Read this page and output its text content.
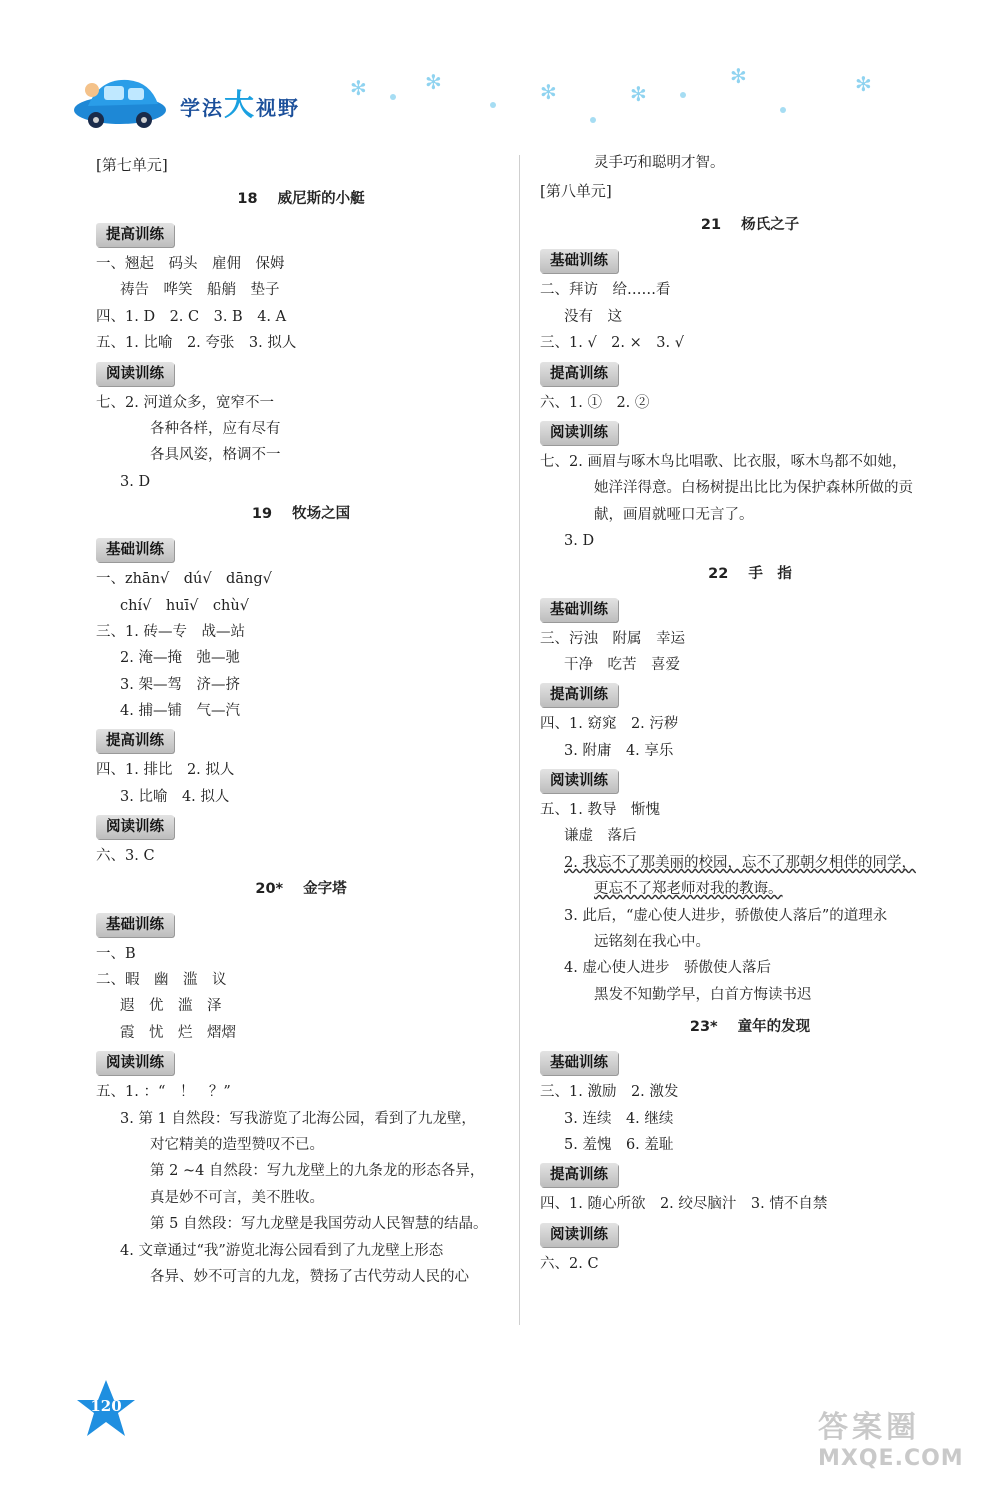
学法大视野
✻	✻	✻	✻
✻	✻
[第七单元]
18 威尼斯的小艇
提高训练
一、翘起　码头　雇佣　保姆
祷告　哗笑　船艄　垫子
四、1. D　2. C　3. B　4. A
五、1. 比喻　2. 夸张　3. 拟人
阅读训练
七、2. 河道众多，宽窄不一
各种各样，应有尽有
各具风姿，格调不一
3. D
19 牧场之国
基础训练
一、zhān√　dú√　dāng√
chí√　huī√　chù√
三、1. 砖—专　战—站
2. 淹—掩　弛—驰
3. 架—驾　济—挤
4. 捕—铺　气—汽
提高训练
四、1. 排比　2. 拟人
3. 比喻　4. 拟人
阅读训练
六、3. C
20* 金字塔
基础训练
一、B
二、暇　幽　滥　议
遐　优　滥　泽
霞　忧　烂　熠熠
阅读训练
五、1. ：“　！　？”
3. 第 1 自然段：写我游览了北海公园，看到了九龙壁，
对它精美的造型赞叹不已。
第 2 ~4 自然段：写九龙壁上的九条龙的形态各异，
真是妙不可言，美不胜收。
第 5 自然段：写九龙壁是我国劳动人民智慧的结晶。
4. 文章通过“我”游览北海公园看到了九龙壁上形态
各异、妙不可言的九龙，赞扬了古代劳动人民的心
灵手巧和聪明才智。
[第八单元]
21 杨氏之子
基础训练
二、拜访　给……看
没有　这
三、1. √　2. ×　3. √
提高训练
六、1. ①　2. ②
阅读训练
七、2. 画眉与啄木鸟比唱歌、比衣服，啄木鸟都不如她，
她洋洋得意。白杨树提出比比为保护森林所做的贡
献，画眉就哑口无言了。
3. D
22 手　指
基础训练
三、污浊　附属　幸运
干净　吃苦　喜爱
提高训练
四、1. 窈窕　2. 污秽
3. 附庸　4. 享乐
阅读训练
五、1. 教导　惭愧
谦虚　落后
2. 我忘不了那美丽的校园，忘不了那朝夕相伴的同学，
更忘不了郑老师对我的教诲。
3. 此后，“虚心使人进步，骄傲使人落后”的道理永
远铭刻在我心中。
4. 虚心使人进步　骄傲使人落后
黑发不知勤学早，白首方悔读书迟
23* 童年的发现
基础训练
三、1. 激励　2. 激发
3. 连续　4. 继续
5. 羞愧　6. 羞耻
提高训练
四、1. 随心所欲　2. 绞尽脑汁　3. 情不自禁
阅读训练
六、2. C
120
答案圈
MXQE.COM
